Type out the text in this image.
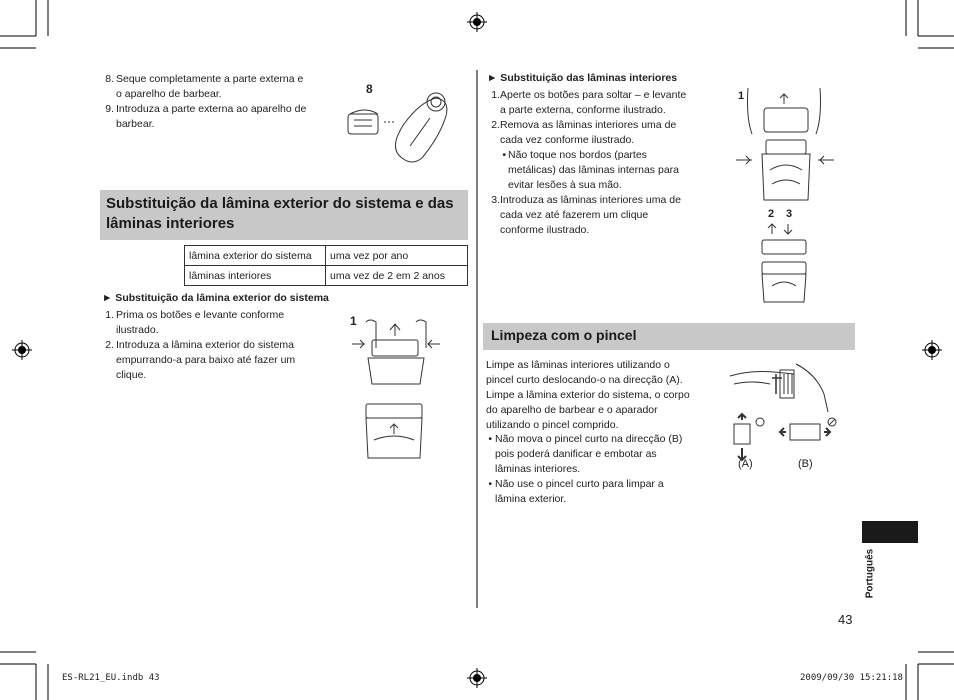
8. Seque completamente a parte externa e
o aparelho de barbear.
9. Introduza a parte externa ao aparelho de
barbear.
8
Substituição da lâmina exterior do sistema e das
lâminas interiores
lâmina exterior do sistema	uma vez por ano
lâminas interiores	uma vez de 2 em 2 anos
► Substituição da lâmina exterior do sistema
1. Prima os botões e levante conforme
ilustrado.
2. Introduza a lâmina exterior do sistema
empurrando-a para baixo até fazer um
clique.
1
► Substituição das lâminas interiores
1. Aperte os botões para soltar – e levante
a parte externa, conforme ilustrado.
2. Remova as lâminas interiores uma de
cada vez conforme ilustrado.
• Não toque nos bordos (partes
metálicas) das lâminas internas para
evitar lesões à sua mão.
3. Introduza as lâminas interiores uma de
cada vez até fazerem um clique
conforme ilustrado.
1
2 3
Limpeza com o pincel
Limpe as lâminas interiores utilizando o
pincel curto deslocando-o na direcção (A).
Limpe a lâmina exterior do sistema, o corpo
do aparelho de barbear e o aparador
utilizando o pincel comprido.
• Não mova o pincel curto na direcção (B)
pois poderá danificar e embotar as
lâminas interiores.
• Não use o pincel curto para limpar a
lâmina exterior.
(A)	(B)
Português
43
ES-RL21_EU.indb 43	2009/09/30 15:21:18
